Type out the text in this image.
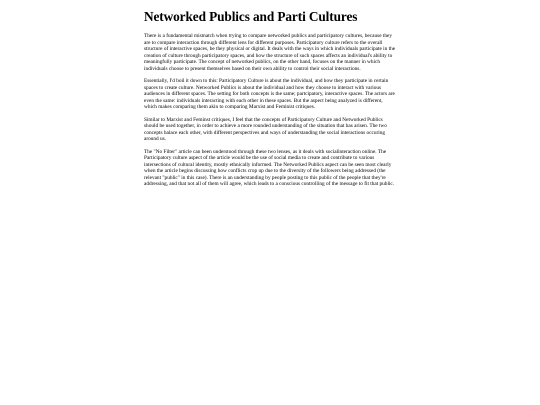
Networked Publics and Parti Cultures

There is a fundamental mismatch when trying to compare networked publics and participatory cultures, because they are to compare interaction through different lens for different purposes. Participatory culture refers to the overall structure of interactive spaces, be they physical or digital. It deals with the ways in which individuals participate in the creation of culture through participatory spaces, and how the structure of such spaces affects an individual's ability to meaningfully participate. The concept of networked publics, on the other hand, focuses on the manner in which individuals choose to present themselves based on their own ability to control their social interactions.

Essentially, I'd boil it down to this: Participatory Culture is about the individual, and how they participate in certain spaces to create culture. Networked Publics is about the individual and how they choose to interact with various audiences in different spaces. The setting for both concepts is the same; partcipatory, interactive spaces. The actors are even the same: individuals interacting with each other in these spaces. But the aspect being analyzed is different, which makes comparing them akin to comparing Marxist and Feminist critiques.

Similar to Marxist and Feminst critiques, I feel that the concepts of Participatory Culture and Networked Publics should be used together, in order to achieve a more rounded understanding of the situation that has arisen. The two concepts balace each other, with different perspectives and ways of understanding the social interactions occuring around us.

The "No Filter" article can been understood through these two lenses, as it deals with socialinteraction online. The Participatory culture aspect of the article would be the use of social media to create and contribute to various intersections of cultural identity, mostly ethnically informed. The Networked Publics aspect can be seen most clearly when the article begins discussing how conflicts crop up due to the diversity of the followers being addressed (the relevant "public" in this case). There is an understanding by people posting to this public of the people that they're addressing, and that not all of them will agree, which leads to a conscious controlling of the message to fit that public.
